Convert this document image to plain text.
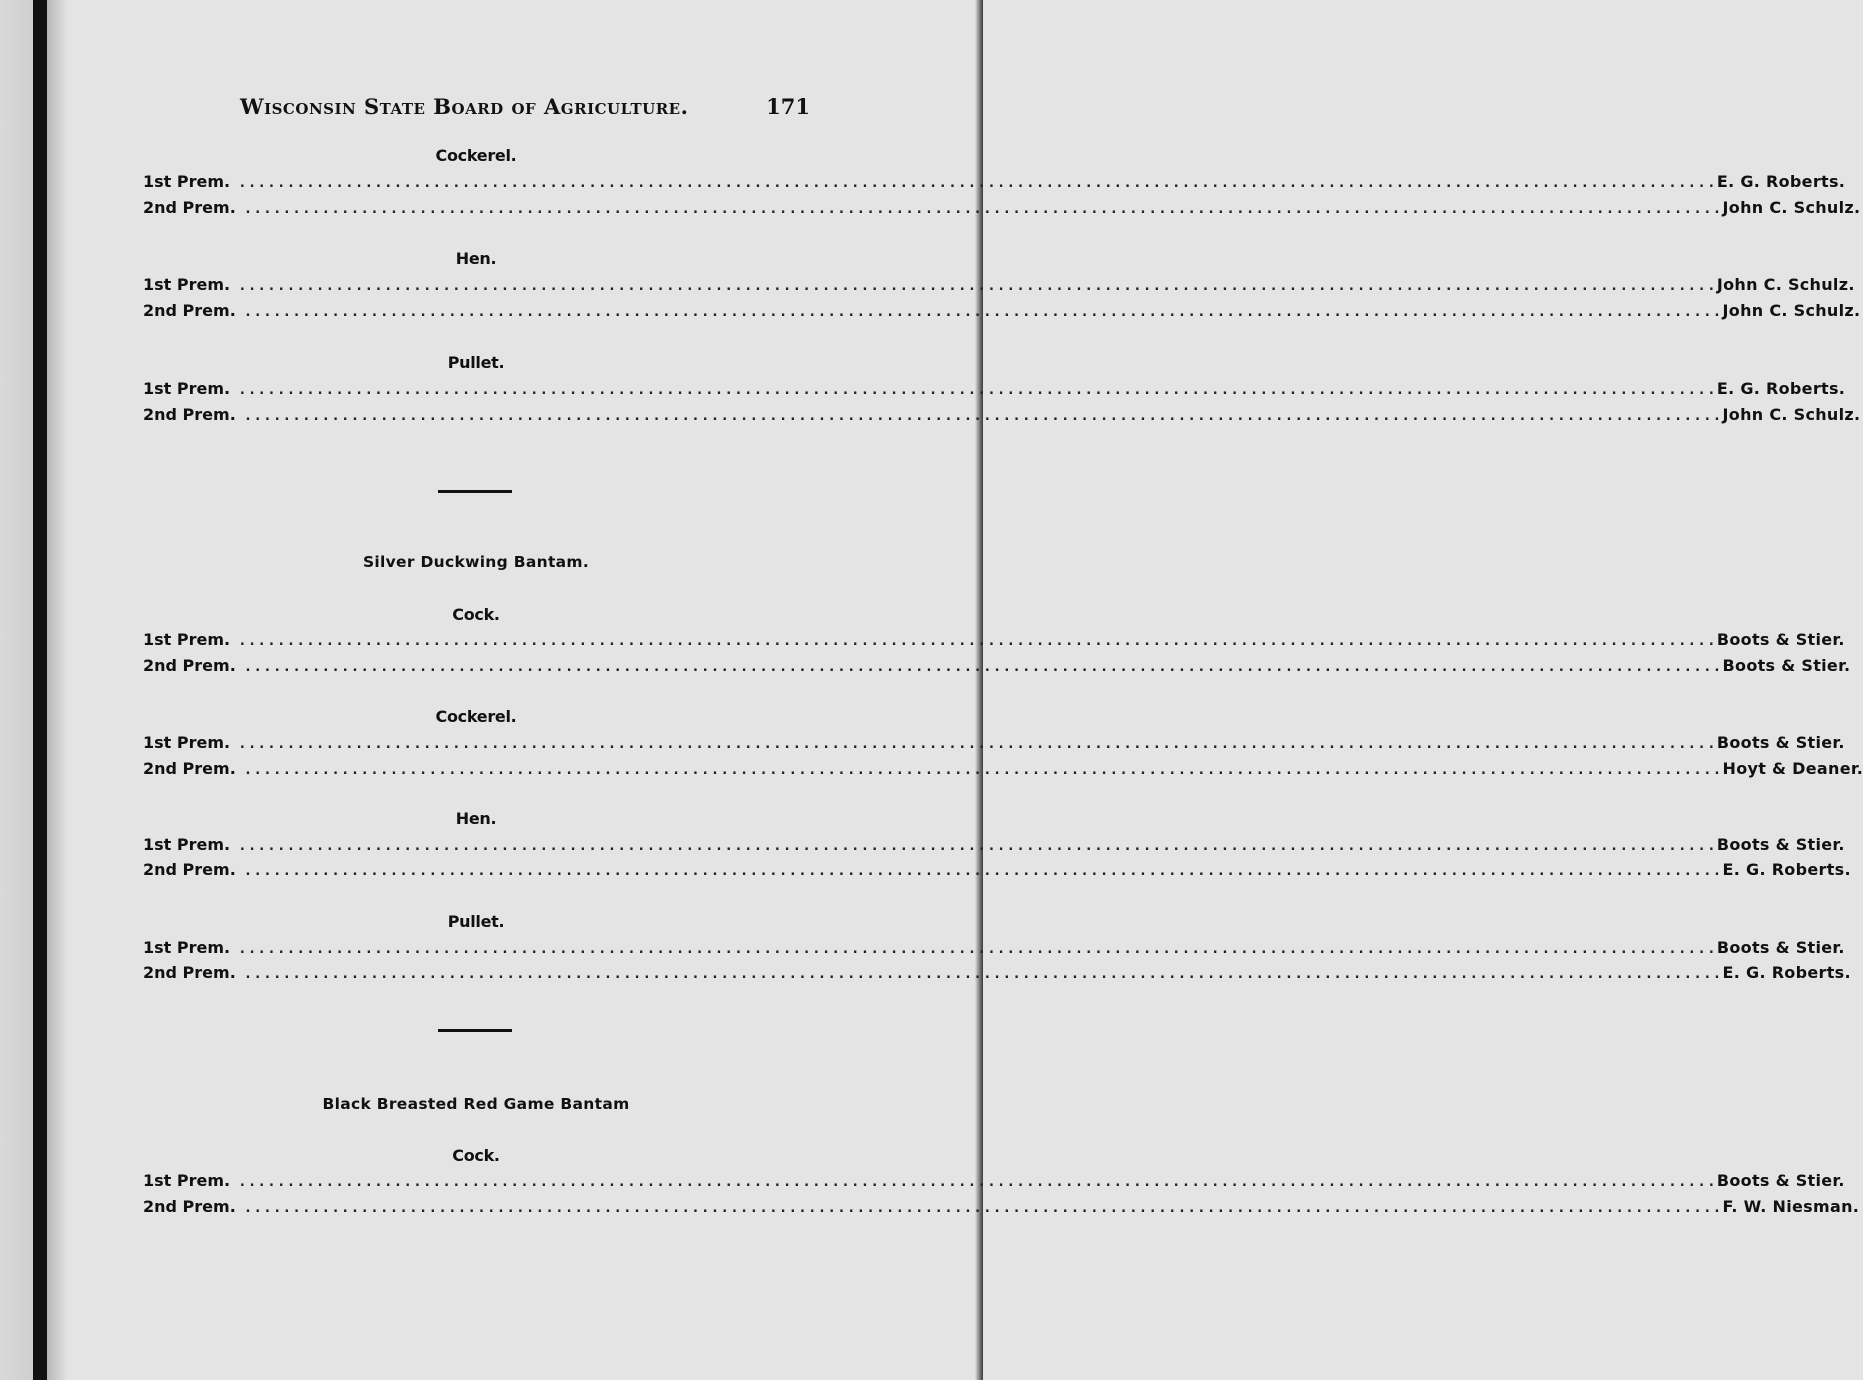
Wisconsin State Board of Agriculture.	171
Cockerel.
1st Prem. ........................................................................................................................................................ E. G. Roberts.
2nd Prem. ........................................................................................................................................................ John C. Schulz.
Hen.
1st Prem. ........................................................................................................................................................ John C. Schulz.
2nd Prem. ........................................................................................................................................................ John C. Schulz.
Pullet.
1st Prem. ........................................................................................................................................................ E. G. Roberts.
2nd Prem. ........................................................................................................................................................ John C. Schulz.
Silver Duckwing Bantam.
Cock.
1st Prem. ........................................................................................................................................................ Boots & Stier.
2nd Prem. ........................................................................................................................................................ Boots & Stier.
Cockerel.
1st Prem. ........................................................................................................................................................ Boots & Stier.
2nd Prem. ........................................................................................................................................................ Hoyt & Deaner.
Hen.
1st Prem. ........................................................................................................................................................ Boots & Stier.
2nd Prem. ........................................................................................................................................................ E. G. Roberts.
Pullet.
1st Prem. ........................................................................................................................................................ Boots & Stier.
2nd Prem. ........................................................................................................................................................ E. G. Roberts.
Black Breasted Red Game Bantam
Cock.
1st Prem. ........................................................................................................................................................ Boots & Stier.
2nd Prem. ........................................................................................................................................................ F. W. Niesman.
